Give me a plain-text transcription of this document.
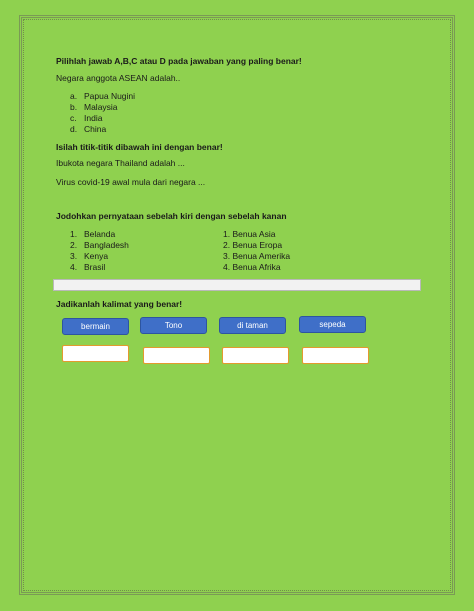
Pilihlah jawab A,B,C atau D pada jawaban yang paling benar!
Negara anggota ASEAN adalah..
a. Papua Nugini
b. Malaysia
c. India
d. China
Isilah titik-titik dibawah ini dengan benar!
Ibukota negara Thailand adalah ...
Virus covid-19 awal mula dari negara ...
Jodohkan pernyataan sebelah kiri dengan sebelah kanan
1. Belanda
2. Bangladesh
3. Kenya
4. Brasil
1. Benua Asia
2. Benua Eropa
3. Benua Amerika
4. Benua Afrika
Jadikanlah kalimat yang benar!
bermain	Tono	di taman	sepeda
